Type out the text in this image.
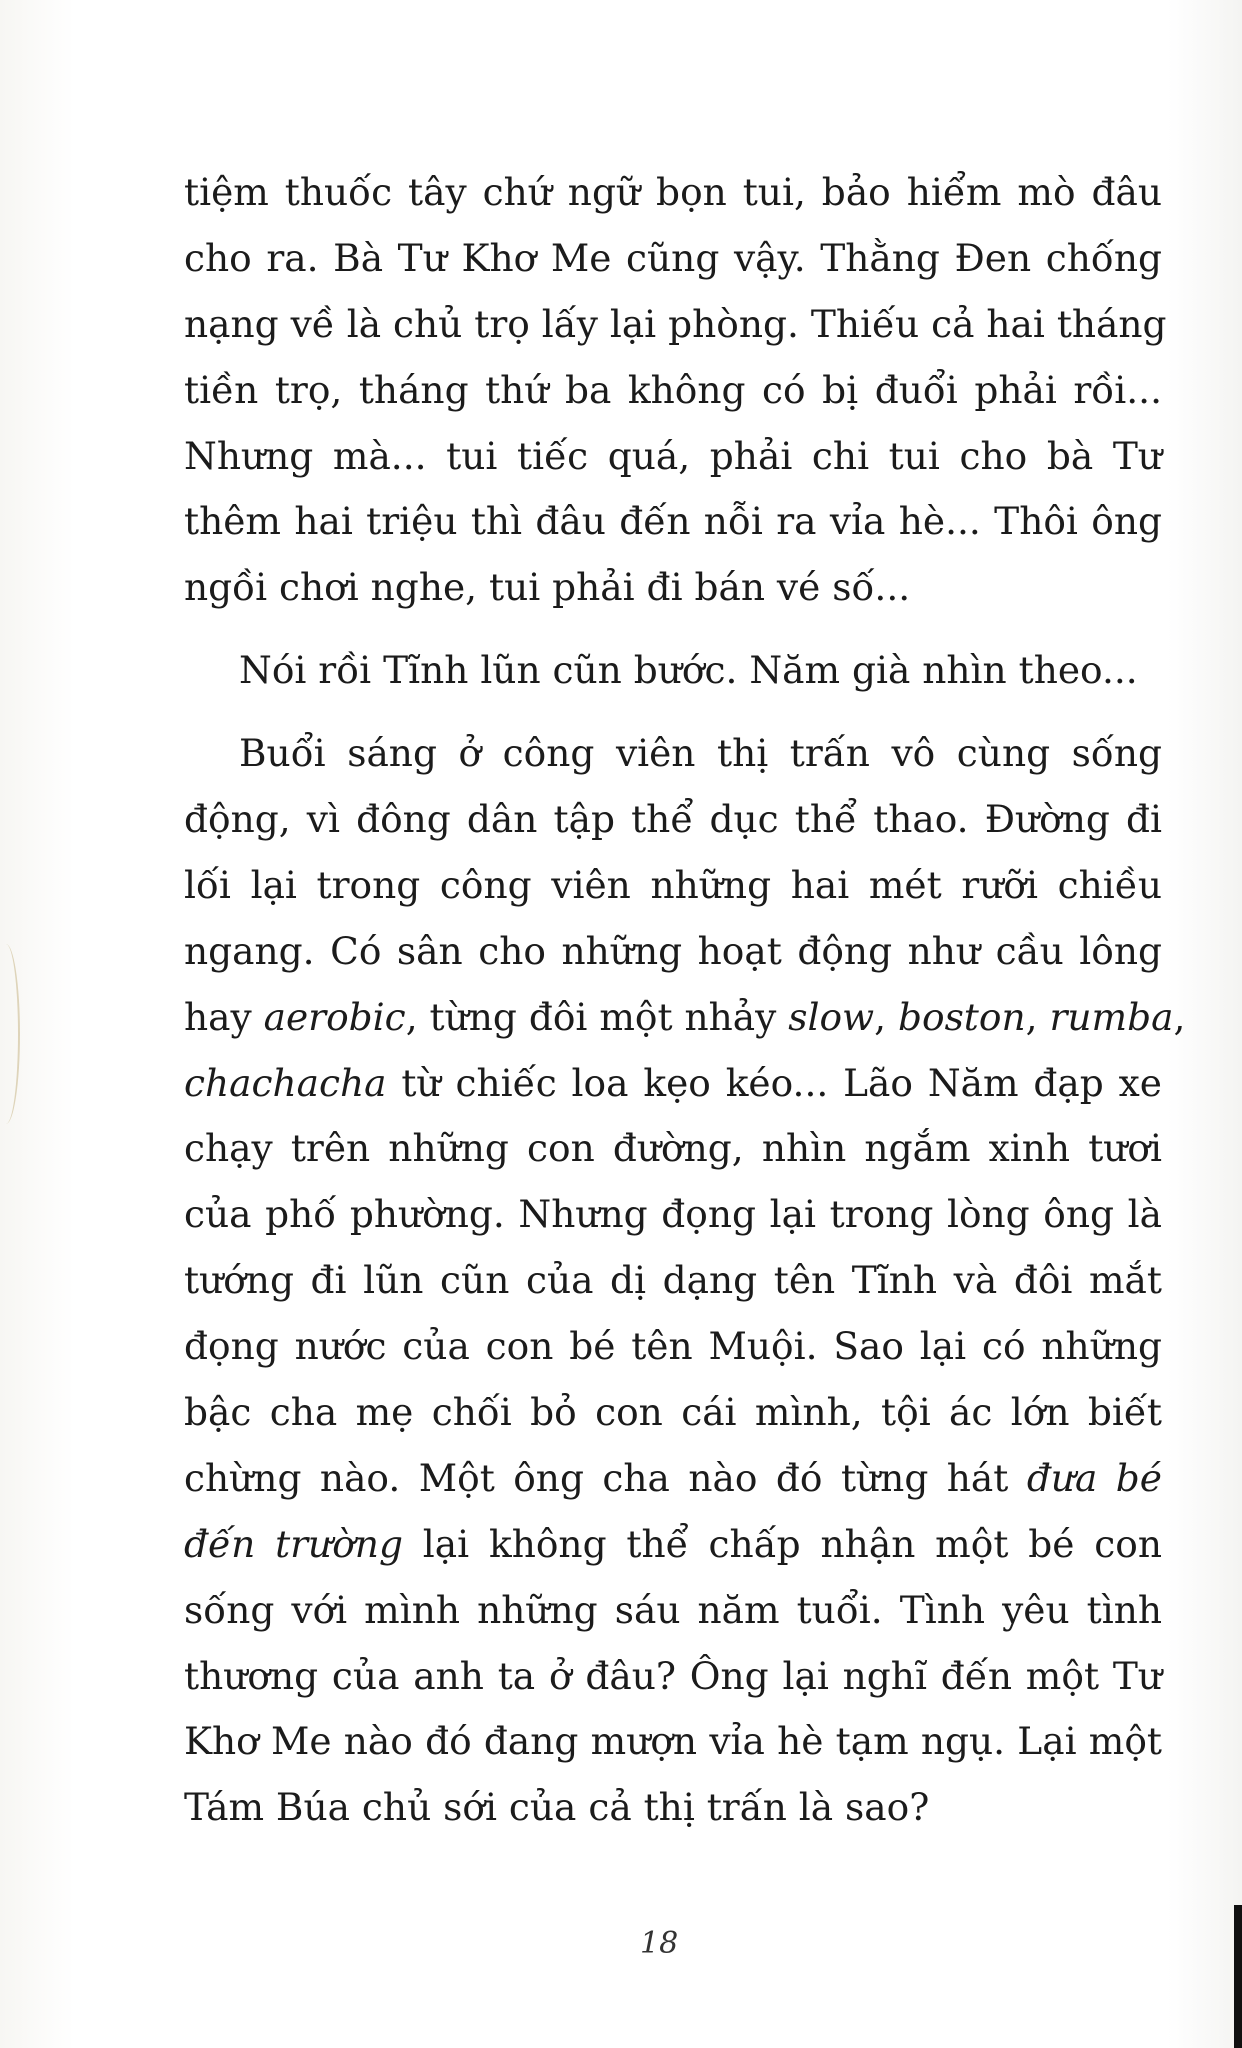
tiệm thuốc tây chứ ngữ bọn tui, bảo hiểm mò đâu
cho ra. Bà Tư Khơ Me cũng vậy. Thằng Đen chống
nạng về là chủ trọ lấy lại phòng. Thiếu cả hai tháng
tiền trọ, tháng thứ ba không có bị đuổi phải rồi...
Nhưng mà... tui tiếc quá, phải chi tui cho bà Tư
thêm hai triệu thì đâu đến nỗi ra vỉa hè... Thôi ông
ngồi chơi nghe, tui phải đi bán vé số...
Nói rồi Tĩnh lũn cũn bước. Năm già nhìn theo...
Buổi sáng ở công viên thị trấn vô cùng sống
động, vì đông dân tập thể dục thể thao. Đường đi
lối lại trong công viên những hai mét rưỡi chiều
ngang. Có sân cho những hoạt động như cầu lông
hay aerobic, từng đôi một nhảy slow, boston, rumba,
chachacha từ chiếc loa kẹo kéo... Lão Năm đạp xe
chạy trên những con đường, nhìn ngắm xinh tươi
của phố phường. Nhưng đọng lại trong lòng ông là
tướng đi lũn cũn của dị dạng tên Tĩnh và đôi mắt
đọng nước của con bé tên Muội. Sao lại có những
bậc cha mẹ chối bỏ con cái mình, tội ác lớn biết
chừng nào. Một ông cha nào đó từng hát đưa bé
đến trường lại không thể chấp nhận một bé con
sống với mình những sáu năm tuổi. Tình yêu tình
thương của anh ta ở đâu? Ông lại nghĩ đến một Tư
Khơ Me nào đó đang mượn vỉa hè tạm ngụ. Lại một
Tám Búa chủ sới của cả thị trấn là sao?
18
